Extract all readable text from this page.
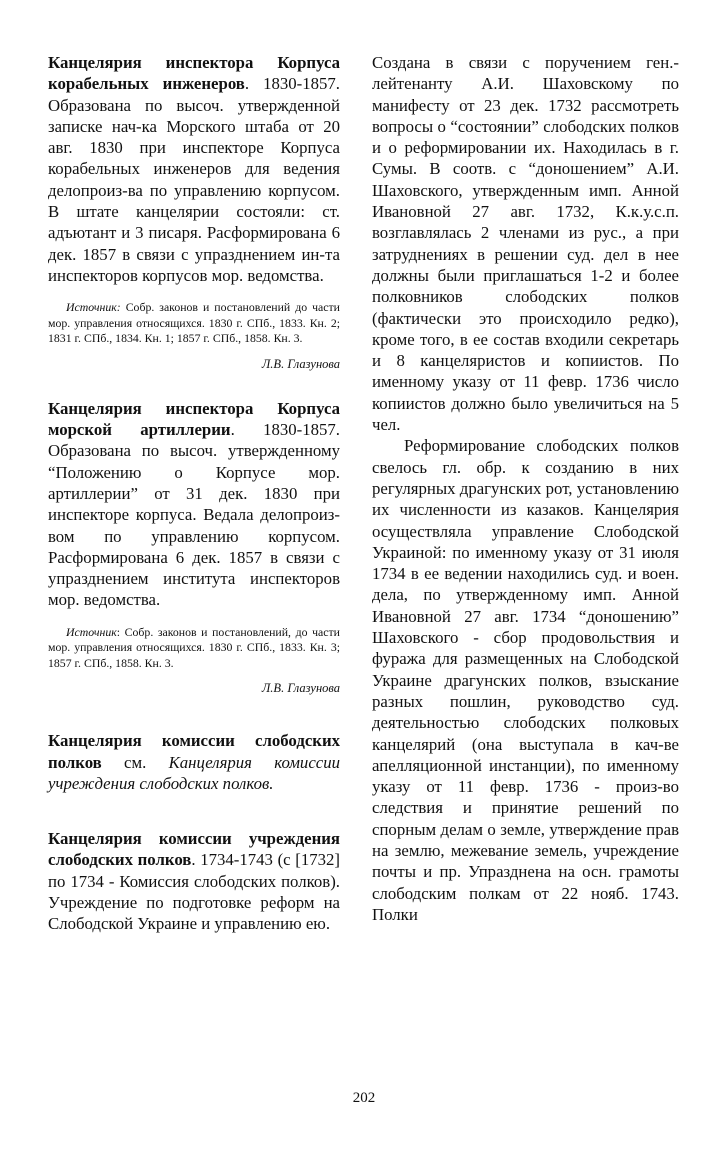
Канцелярия инспектора Корпуса корабельных инженеров. 1830-1857. Образована по высоч. утвержденной записке нач-ка Морского штаба от 20 авг. 1830 при инспекторе Корпуса корабельных инженеров для ведения делопроиз-ва по управлению корпусом. В штате канцелярии состояли: ст. адъютант и 3 писаря. Расформирована 6 дек. 1857 в связи с упразднением ин-та инспекторов корпусов мор. ведомства.

Источник: Собр. законов и постановлений до части мор. управления относящихся. 1830 г. СПб., 1833. Кн. 2; 1831 г. СПб., 1834. Кн. 1; 1857 г. СПб., 1858. Кн. 3.

Л.В. Глазунова

Канцелярия инспектора Корпуса морской артиллерии. 1830-1857. Образована по высоч. утвержденному “Положению о Корпусе мор. артиллерии” от 31 дек. 1830 при инспекторе корпуса. Ведала делопроиз-вом по управлению корпусом. Расформирована 6 дек. 1857 в связи с упразднением института инспекторов мор. ведомства.

Источник: Собр. законов и постановлений, до части мор. управления относящихся. 1830 г. СПб., 1833. Кн. 3; 1857 г. СПб., 1858. Кн. 3.

Л.В. Глазунова

Канцелярия комиссии слободских полков см. Канцелярия комиссии учреждения слободских полков.

Канцелярия комиссии учреждения слободских полков. 1734-1743 (с [1732] по 1734 - Комиссия слободских полков). Учреждение по подготовке реформ на Слободской Украине и управлению ею.

Создана в связи с поручением ген.-лейтенанту А.И. Шаховскому по манифесту от 23 дек. 1732 рассмотреть вопросы о “состоянии” слободских полков и о реформировании их. Находилась в г. Сумы. В соотв. с “доношением” А.И. Шаховского, утвержденным имп. Анной Ивановной 27 авг. 1732, К.к.у.с.п. возглавлялась 2 членами из рус., а при затруднениях в решении суд. дел в нее должны были приглашаться 1-2 и более полковников слободских полков (фактически это происходило редко), кроме того, в ее состав входили секретарь и 8 канцеляристов и копиистов. По именному указу от 11 февр. 1736 число копиистов должно было увеличиться на 5 чел.

Реформирование слободских полков свелось гл. обр. к созданию в них регулярных драгунских рот, установлению их численности из казаков. Канцелярия осуществляла управление Слободской Украиной: по именному указу от 31 июля 1734 в ее ведении находились суд. и воен. дела, по утвержденному имп. Анной Ивановной 27 авг. 1734 “доношению” Шаховского - сбор продовольствия и фуража для размещенных на Слободской Украине драгунских полков, взыскание разных пошлин, руководство суд. деятельностью слободских полковых канцелярий (она выступала в кач-ве апелляционной инстанции), по именному указу от 11 февр. 1736 - произ-во следствия и принятие решений по спорным делам о земле, утверждение прав на землю, межевание земель, учреждение почты и пр. Упразднена на осн. грамоты слободским полкам от 22 нояб. 1743. Полки

202
